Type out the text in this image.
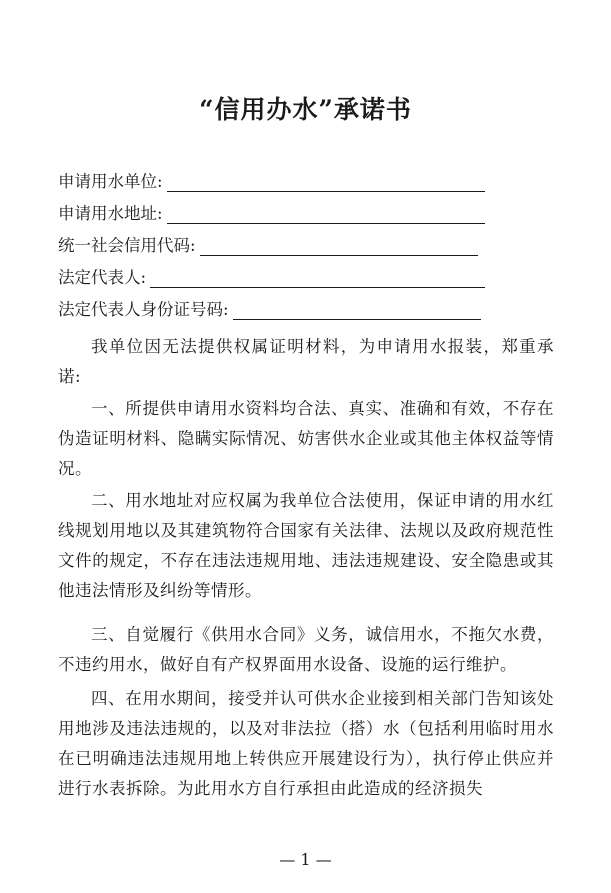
“信用办水”承诺书
申请用水单位:
申请用水地址:
统一社会信用代码:
法定代表人:
法定代表人身份证号码:
我单位因无法提供权属证明材料，为申请用水报装，郑重承诺:
一、所提供申请用水资料均合法、真实、准确和有效，不存在伪造证明材料、隐瞒实际情况、妨害供水企业或其他主体权益等情况。
二、用水地址对应权属为我单位合法使用，保证申请的用水红线规划用地以及其建筑物符合国家有关法律、法规以及政府规范性文件的规定，不存在违法违规用地、违法违规建设、安全隐患或其他违法情形及纠纷等情形。
三、自觉履行《供用水合同》义务，诚信用水，不拖欠水费，不违约用水，做好自有产权界面用水设备、设施的运行维护。
四、在用水期间，接受并认可供水企业接到相关部门告知该处用地涉及违法违规的，以及对非法拉（搭）水（包括利用临时用水在已明确违法违规用地上转供应开展建设行为），执行停止供应并进行水表拆除。为此用水方自行承担由此造成的经济损失
— 1 —
